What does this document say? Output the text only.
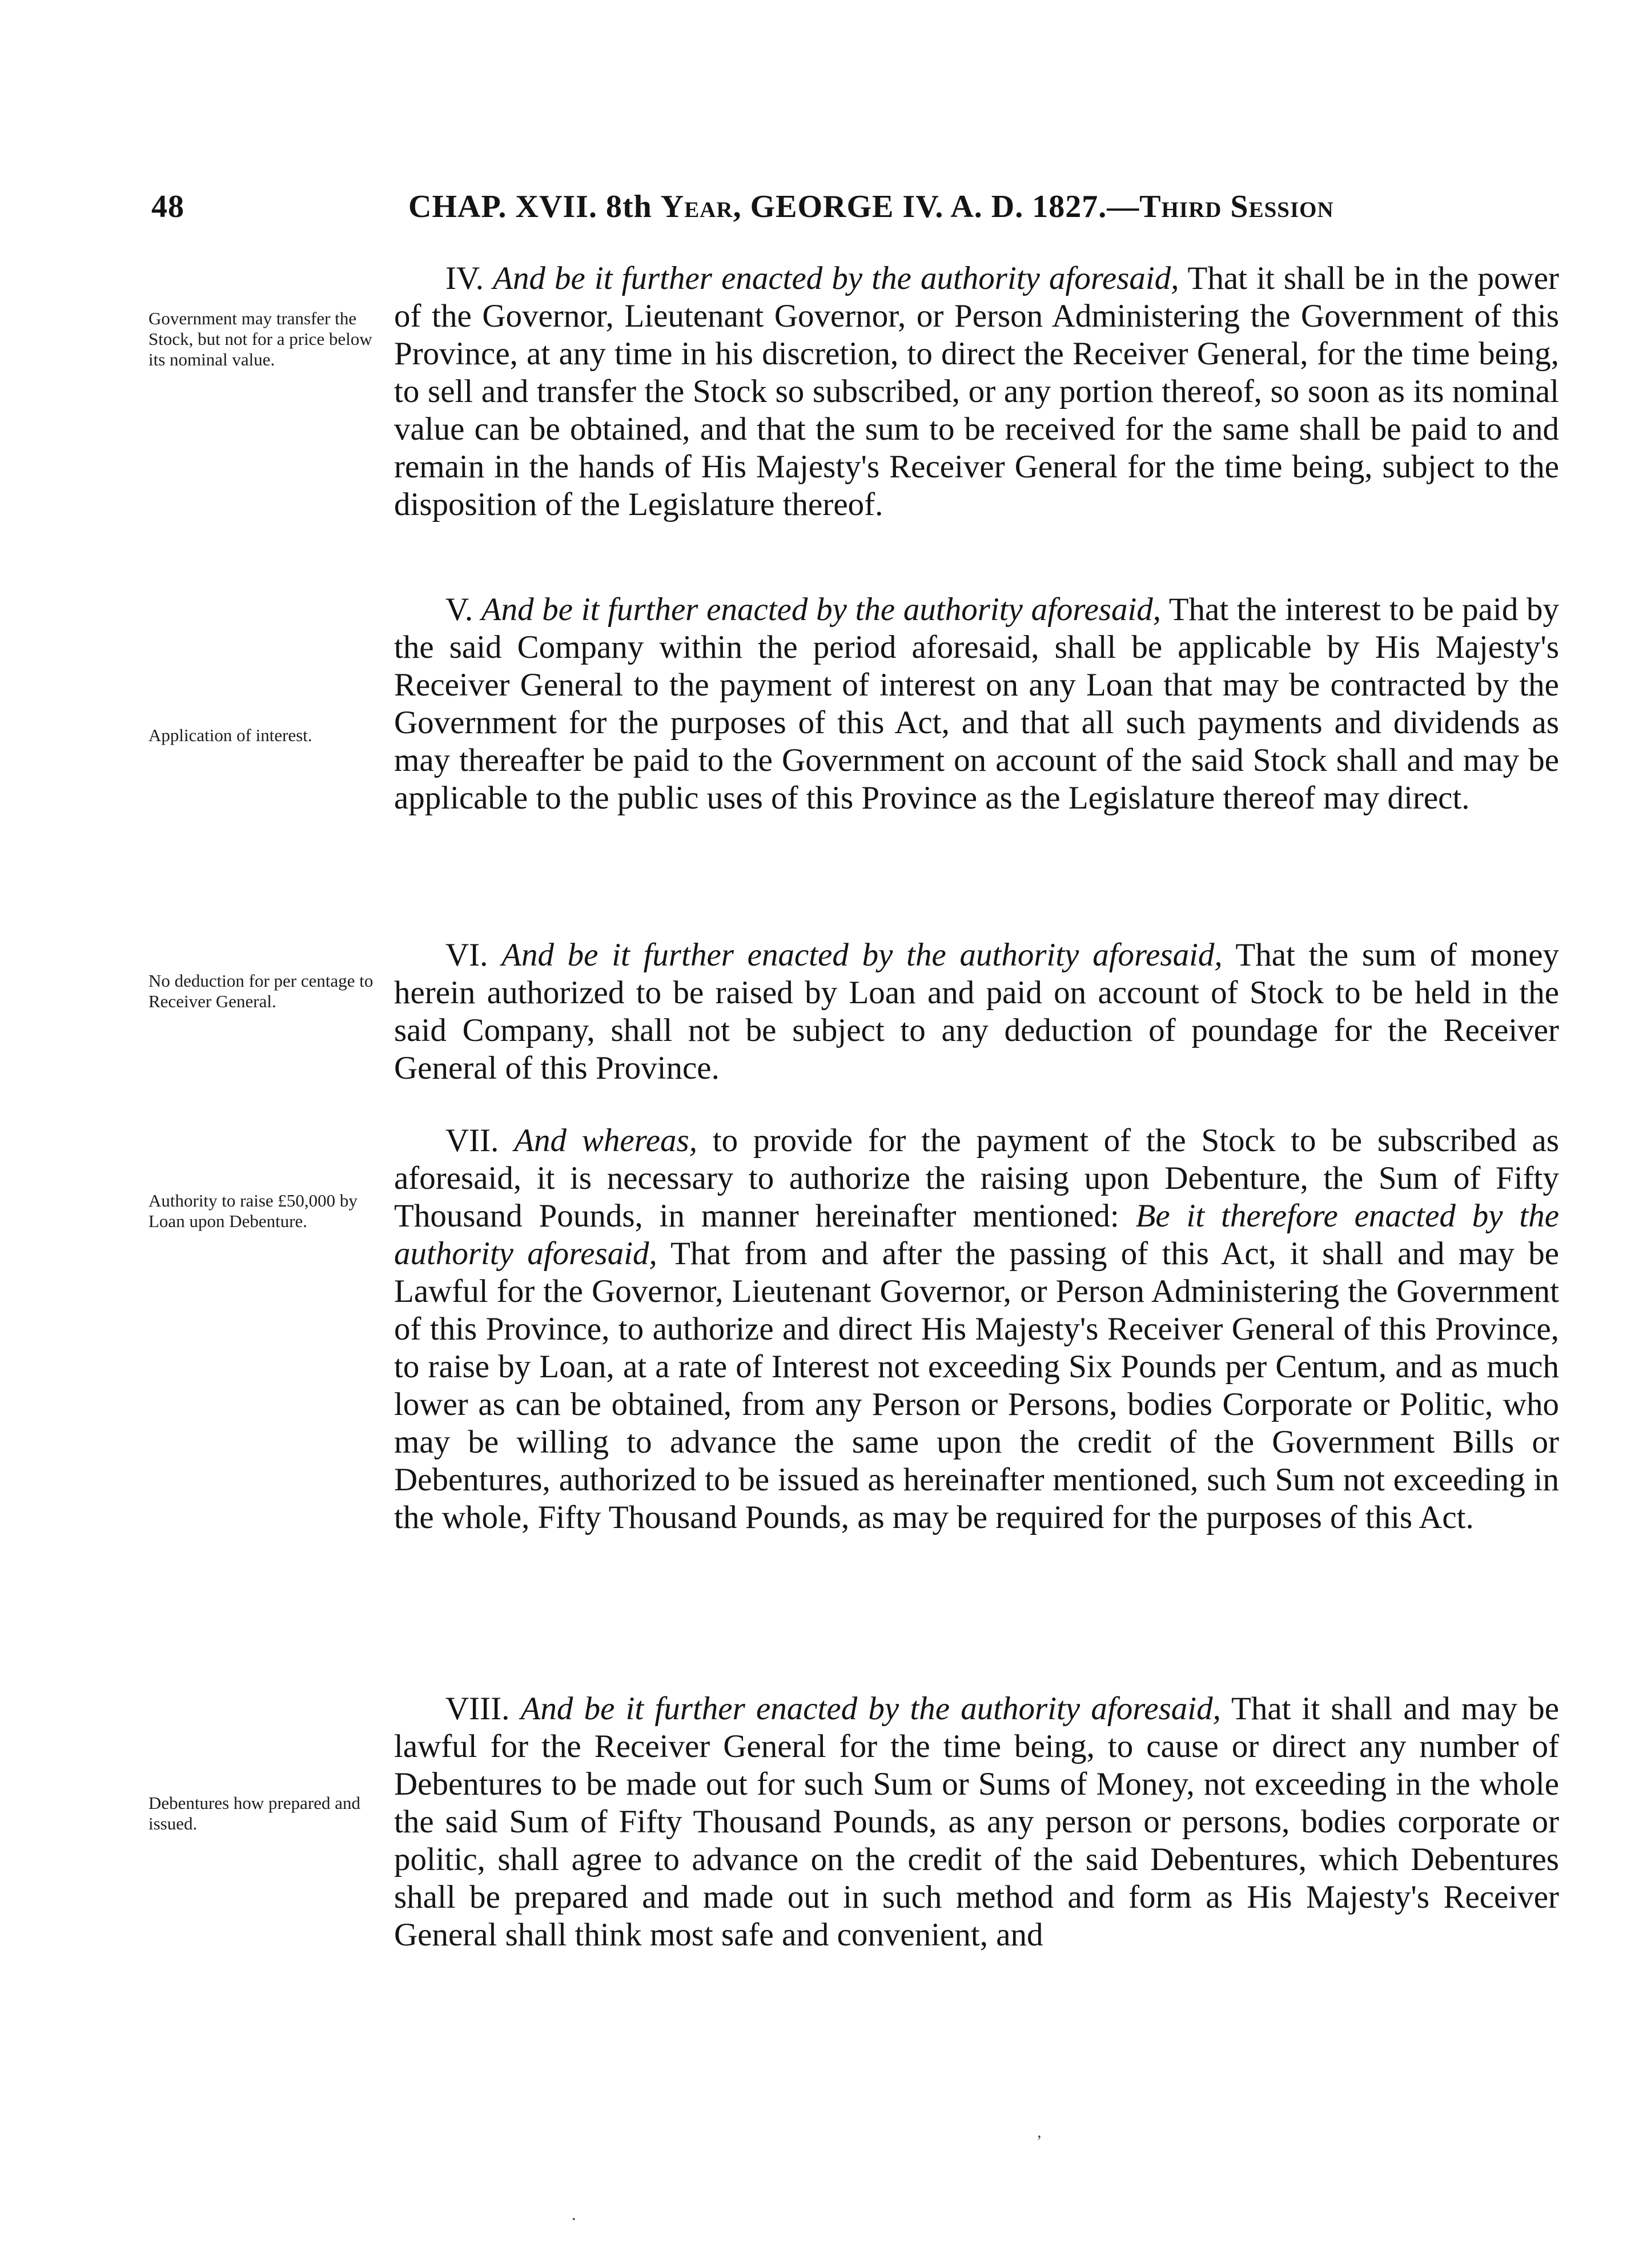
48	CHAP. XVII. 8th Year, GEORGE IV. A. D. 1827.—Third Session
Government may transfer the Stock, but not for a price below its nominal value.

IV. And be it further enacted by the authority aforesaid, That it shall be in the power of the Governor, Lieutenant Governor, or Person Administering the Government of this Province, at any time in his discretion, to direct the Receiver General, for the time being, to sell and transfer the Stock so subscribed, or any portion thereof, so soon as its nominal value can be obtained, and that the sum to be received for the same shall be paid to and remain in the hands of His Majesty's Receiver General for the time being, subject to the disposition of the Legislature thereof.

Application of interest.

V. And be it further enacted by the authority aforesaid, That the interest to be paid by the said Company within the period aforesaid, shall be applicable by His Majesty's Receiver General to the payment of interest on any Loan that may be contracted by the Government for the purposes of this Act, and that all such payments and dividends as may thereafter be paid to the Government on account of the said Stock shall and may be applicable to the public uses of this Province as the Legislature thereof may direct.

No deduction for per centage to Receiver General.

VI. And be it further enacted by the authority aforesaid, That the sum of money herein authorized to be raised by Loan and paid on account of Stock to be held in the said Company, shall not be subject to any deduction of poundage for the Receiver General of this Province.

Authority to raise £50,000 by Loan upon Debenture.

VII. And whereas, to provide for the payment of the Stock to be subscribed as aforesaid, it is necessary to authorize the raising upon Debenture, the Sum of Fifty Thousand Pounds, in manner hereinafter mentioned: Be it therefore enacted by the authority aforesaid, That from and after the passing of this Act, it shall and may be Lawful for the Governor, Lieutenant Governor, or Person Administering the Government of this Province, to authorize and direct His Majesty's Receiver General of this Province, to raise by Loan, at a rate of Interest not exceeding Six Pounds per Centum, and as much lower as can be obtained, from any Person or Persons, bodies Corporate or Politic, who may be willing to advance the same upon the credit of the Government Bills or Debentures, authorized to be issued as hereinafter mentioned, such Sum not exceeding in the whole, Fifty Thousand Pounds, as may be required for the purposes of this Act.

Debentures how prepared and issued.

VIII. And be it further enacted by the authority aforesaid, That it shall and may be lawful for the Receiver General for the time being, to cause or direct any number of Debentures to be made out for such Sum or Sums of Money, not exceeding in the whole the said Sum of Fifty Thousand Pounds, as any person or persons, bodies corporate or politic, shall agree to advance on the credit of the said Debentures, which Debentures shall be prepared and made out in such method and form as His Majesty's Receiver General shall think most safe and convenient, and

’
⋅
